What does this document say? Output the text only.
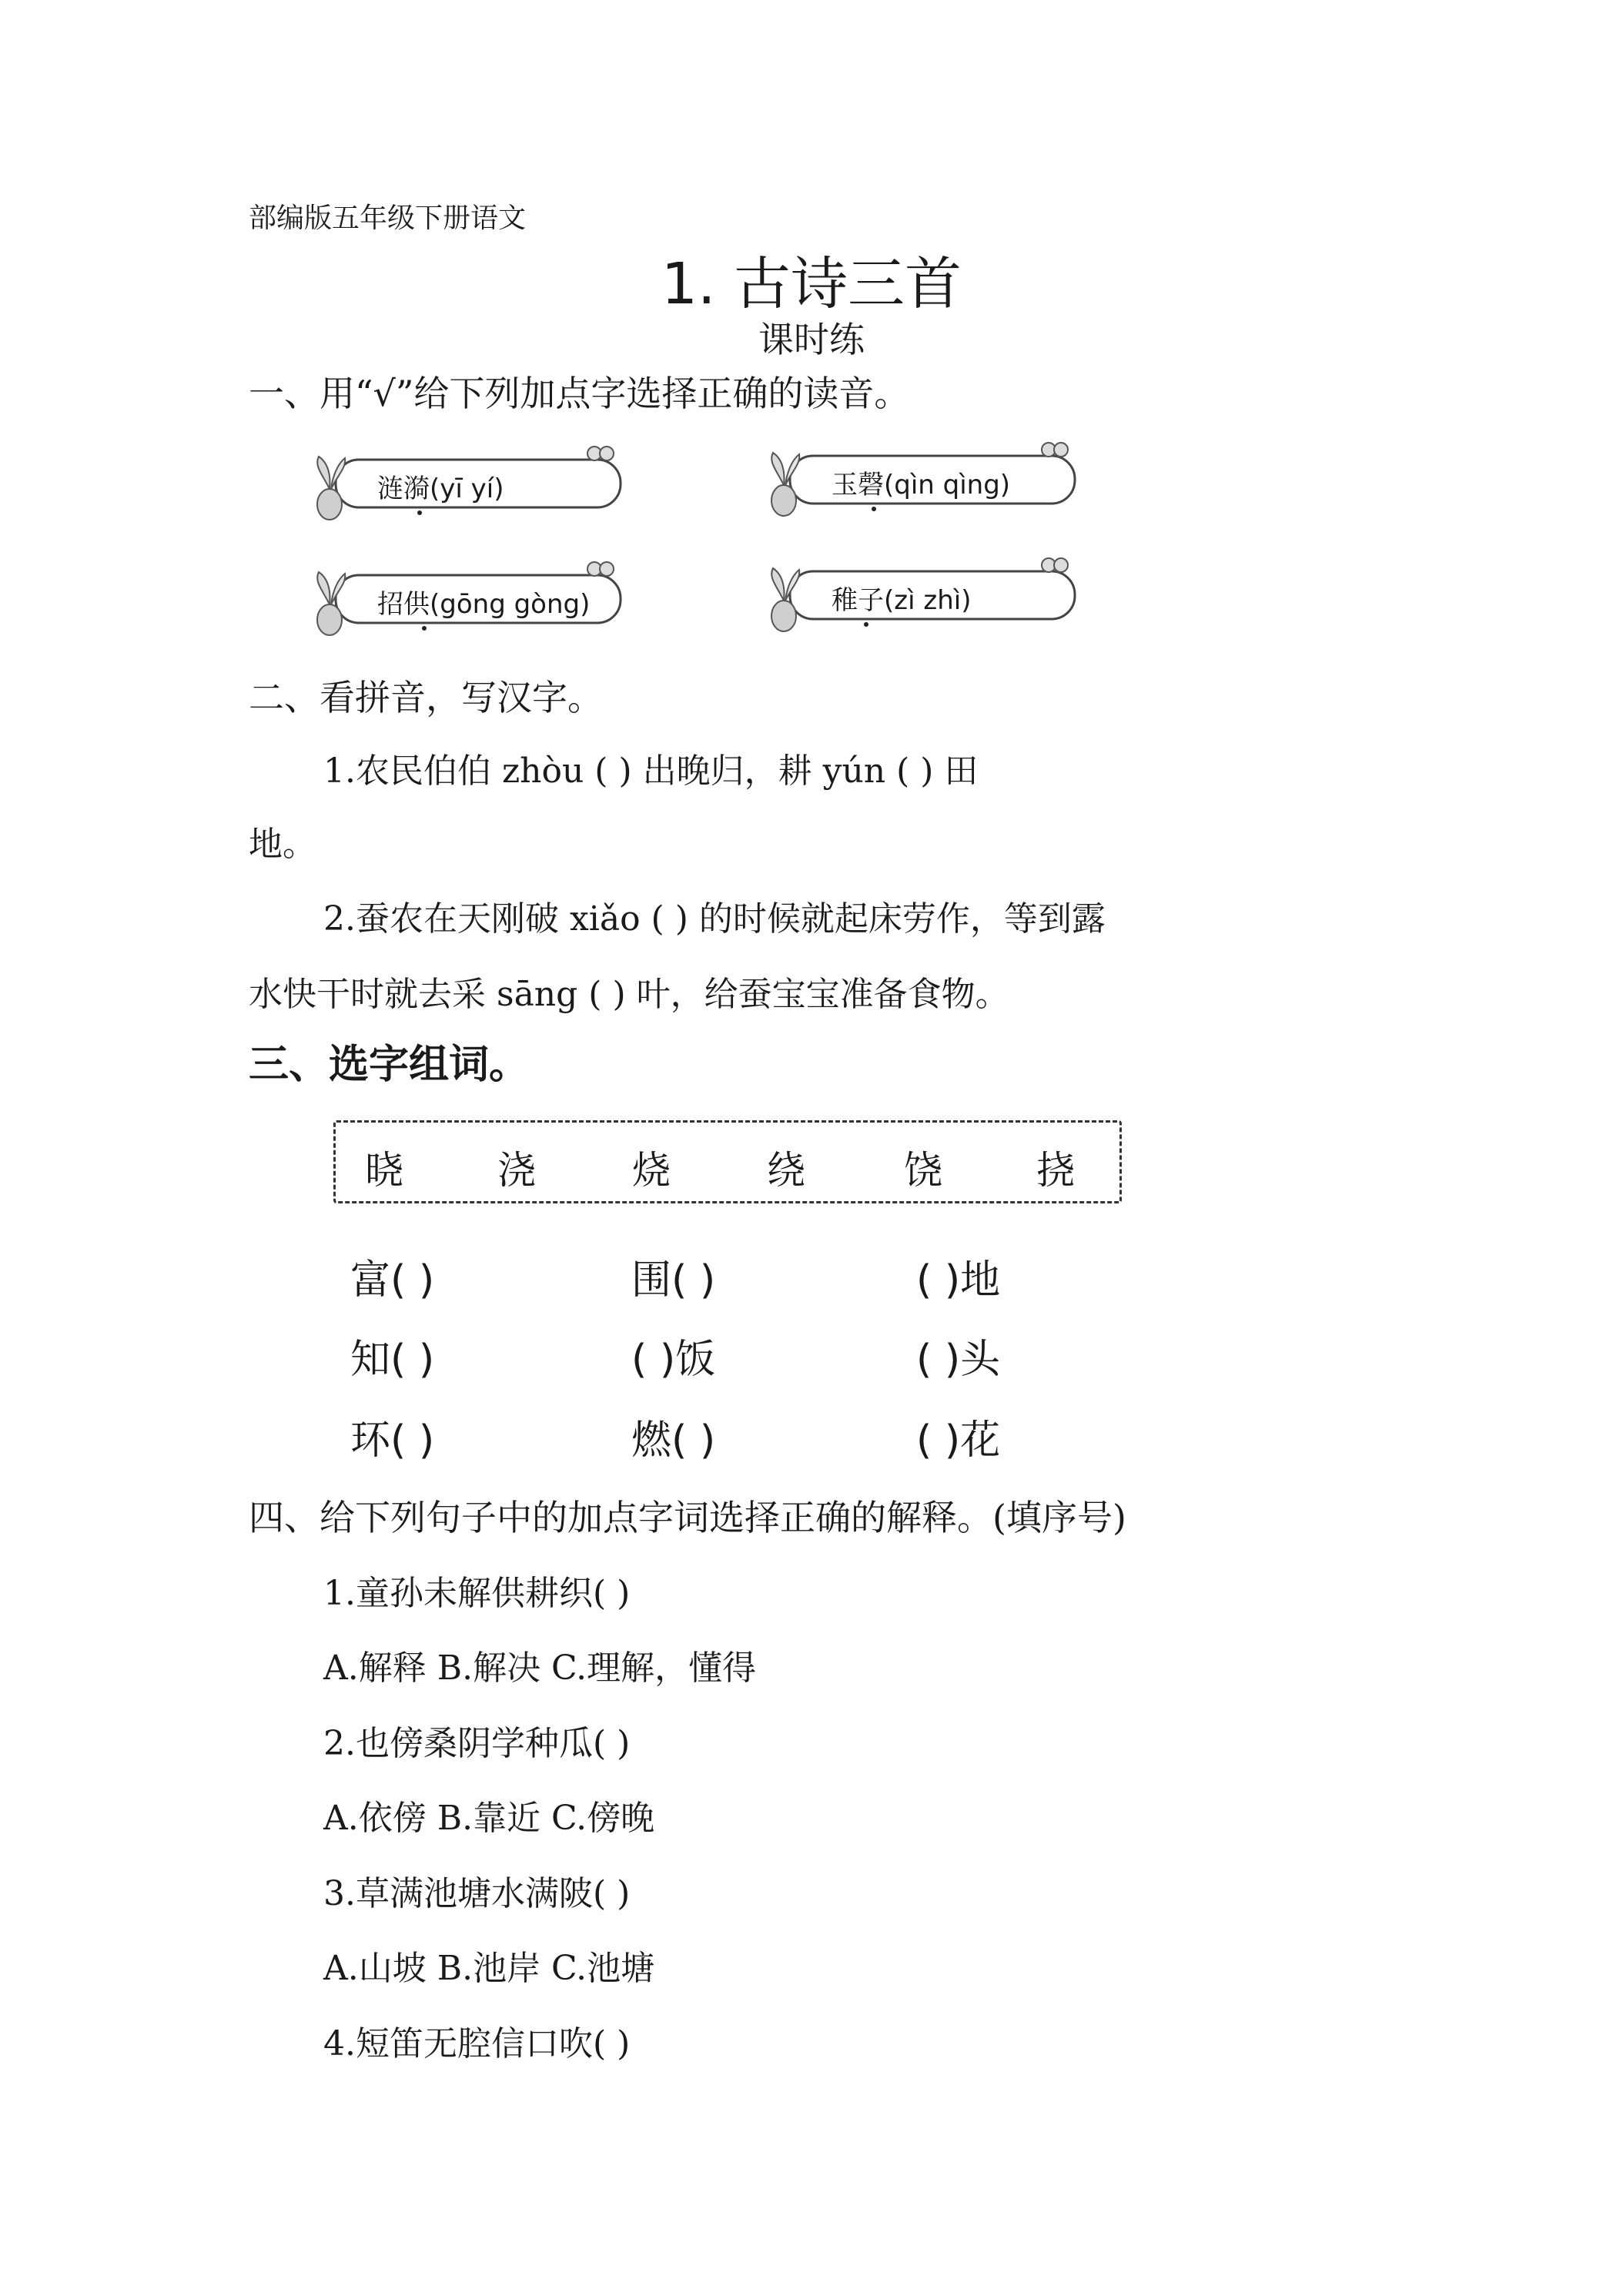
部编版五年级下册语文
1. 古诗三首
课时练
一、用“√”给下列加点字选择正确的读音。
涟漪(yī yí)	玉磬(qìn qìng)
招供(gōng gòng)	稚子(zì zhì)
二、看拼音，写汉字。
1.农民伯伯 zhòu ( ) 出晚归，耕 yún ( ) 田
地。
2.蚕农在天刚破 xiǎo ( ) 的时候就起床劳作，等到露
水快干时就去采 sāng ( ) 叶，给蚕宝宝准备食物。
三、选字组词。
晓 浇	烧	绕	饶 挠
富( )	围( )	( )地
知( )	( )饭	( )头
环( )	燃( )	( )花
四、给下列句子中的加点字词选择正确的解释。(填序号)
1.童孙未解供耕织( )
A.解释 B.解决 C.理解，懂得
2.也傍桑阴学种瓜( )
A.依傍 B.靠近 C.傍晚
3.草满池塘水满陂( )
A.山坡 B.池岸 C.池塘
4.短笛无腔信口吹( )
